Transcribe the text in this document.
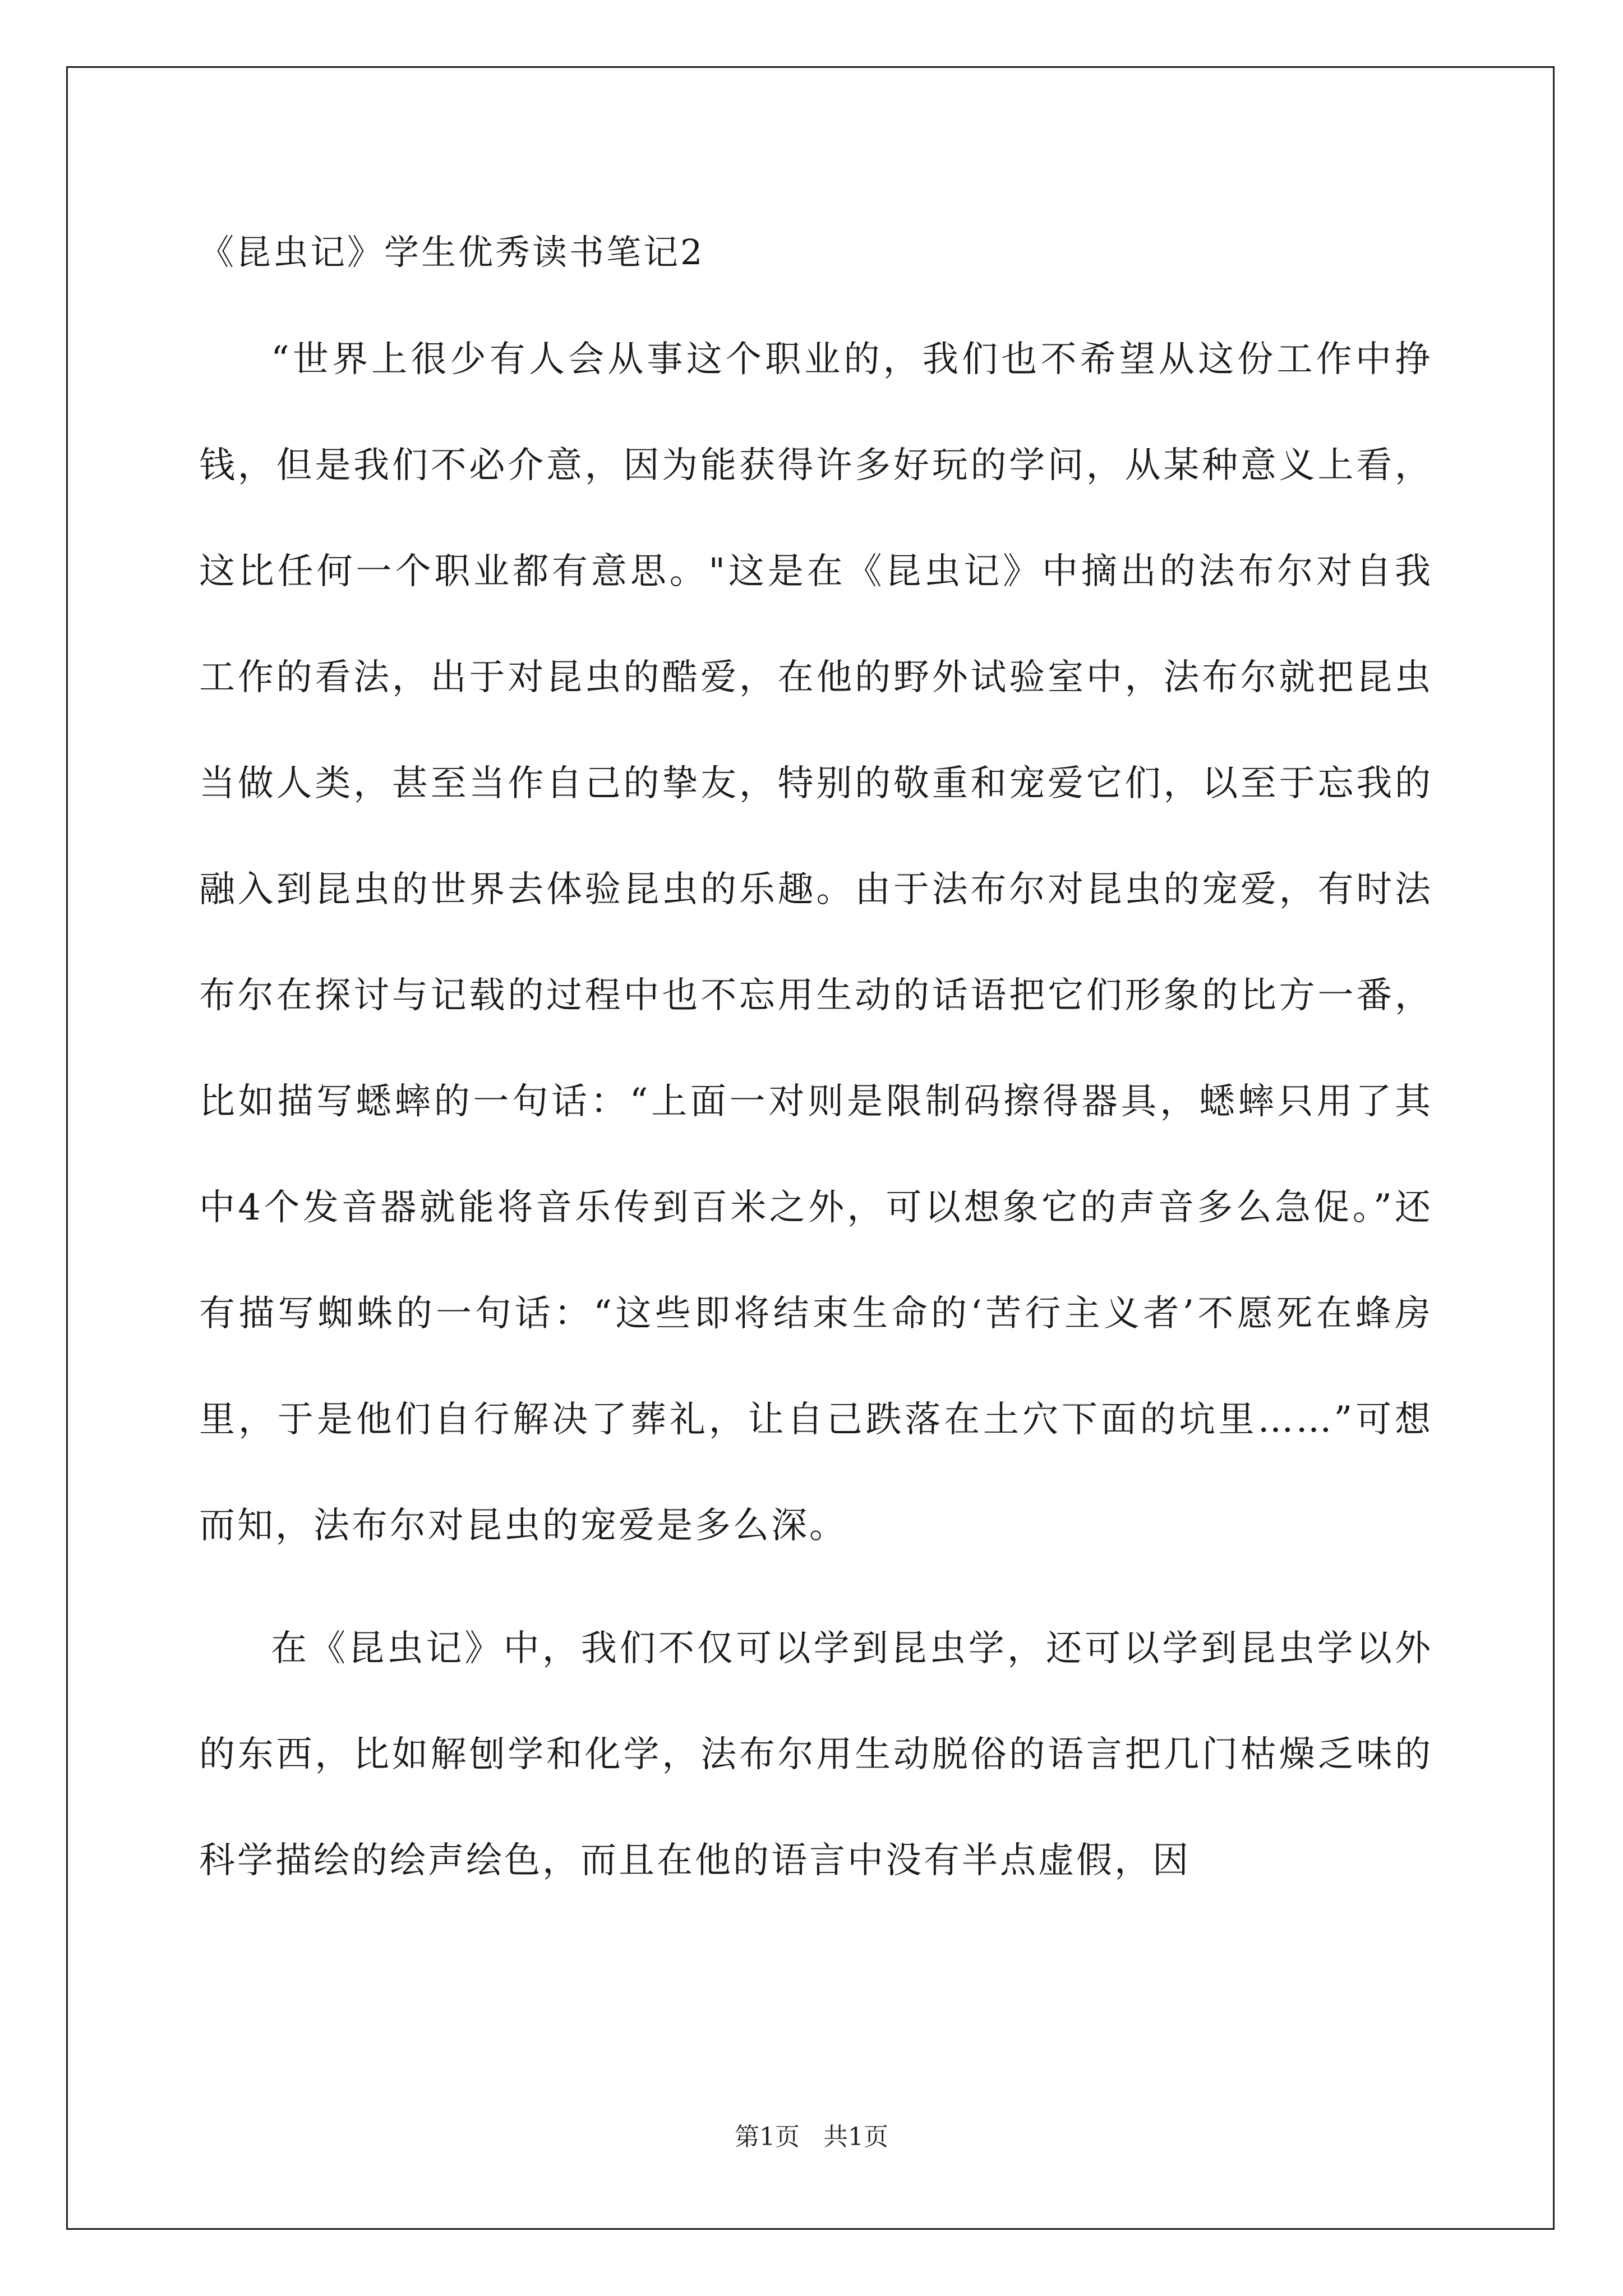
《昆虫记》学生优秀读书笔记2

“世界上很少有人会从事这个职业的，我们也不希望从这份工作中挣钱，但是我们不必介意，因为能获得许多好玩的学问，从某种意义上看，这比任何一个职业都有意思。"这是在《昆虫记》中摘出的法布尔对自我工作的看法，出于对昆虫的酷爱，在他的野外试验室中，法布尔就把昆虫当做人类，甚至当作自己的挚友，特别的敬重和宠爱它们，以至于忘我的融入到昆虫的世界去体验昆虫的乐趣。由于法布尔对昆虫的宠爱，有时法布尔在探讨与记载的过程中也不忘用生动的话语把它们形象的比方一番，比如描写蟋蟀的一句话：“上面一对则是限制码擦得器具，蟋蟀只用了其中4个发音器就能将音乐传到百米之外，可以想象它的声音多么急促。”还有描写蜘蛛的一句话：“这些即将结束生命的‘苦行主义者’不愿死在蜂房里，于是他们自行解决了葬礼，让自己跌落在土穴下面的坑里……”可想而知，法布尔对昆虫的宠爱是多么深。

在《昆虫记》中，我们不仅可以学到昆虫学，还可以学到昆虫学以外的东西，比如解刨学和化学，法布尔用生动脱俗的语言把几门枯燥乏味的科学描绘的绘声绘色，而且在他的语言中没有半点虚假，因

第1页   共1页
